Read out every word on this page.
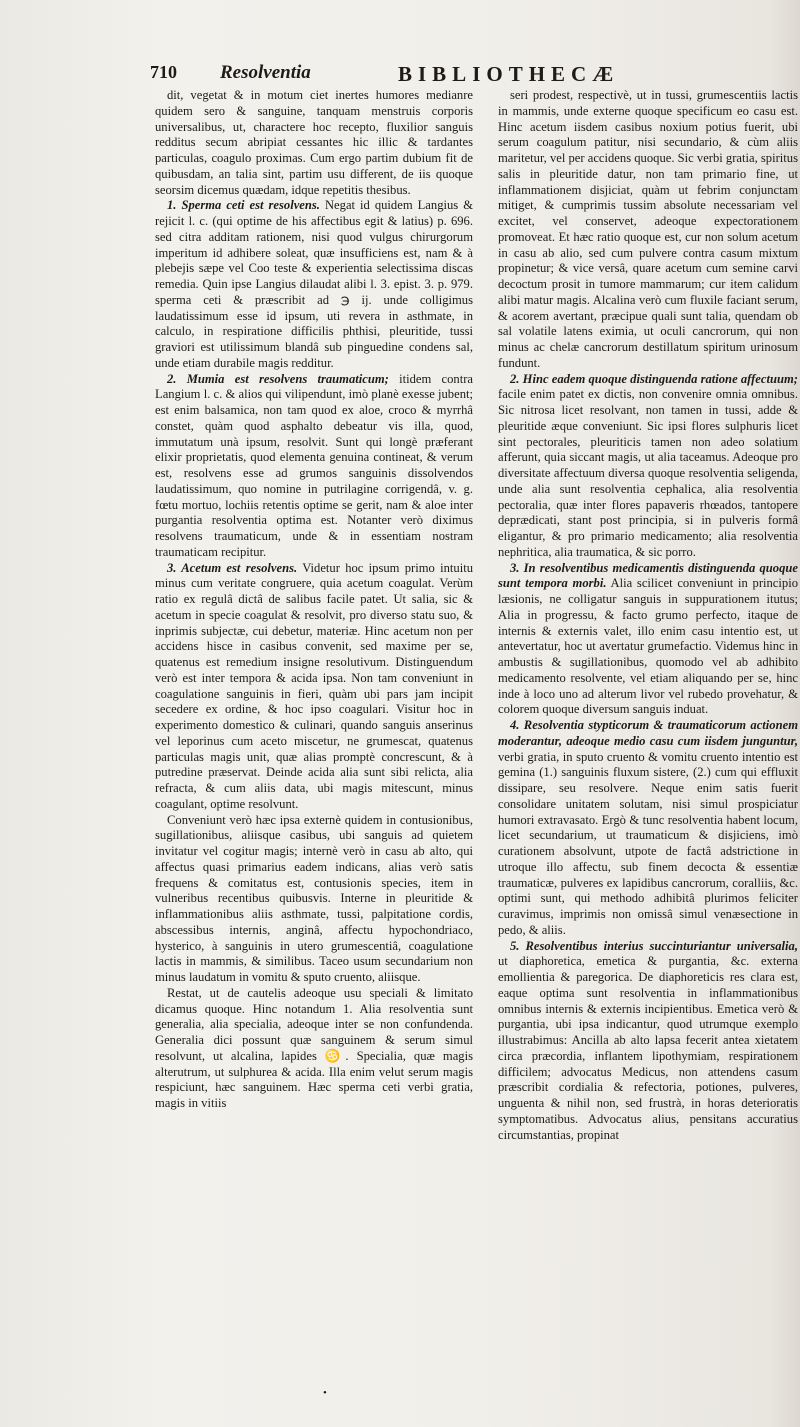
710 Resolventia	BIBLIOTHECÆ

dit, vegetat & in motum ciet inertes humores medianre quidem sero & sanguine, tanquam menstruis corporis universalibus, ut, charactere hoc recepto, fluxilior sanguis redditus secum abripiat cessantes hic illic & tardantes particulas, coagulo proximas. Cum ergo partim dubium fit de quibusdam, an talia sint, partim usu different, de iis quoque seorsim dicemus quædam, idque repetitis thesibus.

1. Sperma ceti est resolvens. Negat id quidem Langius & rejicit l. c. (qui optime de his affectibus egit & latius) p. 696. sed citra additam rationem, nisi quod vulgus chirurgorum imperitum id adhibere soleat, quæ insufficiens est, nam & à plebejis sæpe vel Coo teste & experientia selectissima discas remedia. Quin ipse Langius dilaudat alibi l. 3. epist. 3. p. 979. sperma ceti & præscribit ad ℈ ij. unde colligimus laudatissimum esse id ipsum, uti revera in asthmate, in calculo, in respiratione difficilis phthisi, pleuritide, tussi graviori est utilissimum blandâ sub pinguedine condens sal, unde etiam durabile magis redditur.

2. Mumia est resolvens traumaticum; itidem contra Langium l. c. & alios qui vilipendunt, imò planè exesse jubent; est enim balsamica, non tam quod ex aloe, croco & myrrhâ constet, quàm quod asphalto debeatur vis illa, quod, immutatum unà ipsum, resolvit. Sunt qui longè præferant elixir proprietatis, quod elementa genuina contineat, & verum est, resolvens esse ad grumos sanguinis dissolvendos laudatissimum, quo nomine in putrilagine corrigendâ, v. g. fœtu mortuo, lochiis retentis optime se gerit, nam & aloe inter purgantia resolventia optima est. Notanter verò diximus resolvens traumaticum, unde & in essentiam nostram traumaticam recipitur.

3. Acetum est resolvens. Videtur hoc ipsum primo intuitu minus cum veritate congruere, quia acetum coagulat. Verùm ratio ex regulâ dictâ de salibus facile patet. Ut salia, sic & acetum in specie coagulat & resolvit, pro diverso statu suo, & inprimis subjectæ, cui debetur, materiæ. Hinc acetum non per accidens hisce in casibus convenit, sed maxime per se, quatenus est remedium insigne resolutivum. Distinguendum verò est inter tempora & acida ipsa. Non tam conveniunt in coagulatione sanguinis in fieri, quàm ubi pars jam incipit secedere ex ordine, & hoc ipso coagulari. Visitur hoc in experimento domestico & culinari, quando sanguis anserinus vel leporinus cum aceto miscetur, ne grumescat, quatenus particulas magis unit, quæ alias promptè concrescunt, & à putredine præservat. Deinde acida alia sunt sibi relicta, alia refracta, & cum aliis data, ubi magis mitescunt, minus coagulant, optime resolvunt.

Conveniunt verò hæc ipsa externè quidem in contusionibus, sugillationibus, aliisque casibus, ubi sanguis ad quietem invitatur vel cogitur magis; internè verò in casu ab alto, qui affectus quasi primarius eadem indicans, alias verò satis frequens & comitatus est, contusionis species, item in vulneribus recentibus quibusvis. Interne in pleuritide & inflammationibus aliis asthmate, tussi, palpitatione cordis, abscessibus internis, anginâ, affectu hypochondriaco, hysterico, à sanguinis in utero grumescentiâ, coagulatione lactis in mammis, & similibus. Taceo usum secundarium non minus laudatum in vomitu & sputo cruento, aliisque.

Restat, ut de cautelis adeoque usu speciali & limitato dicamus quoque. Hinc notandum 1. Alia resolventia sunt generalia, alia specialia, adeoque inter se non confundenda. Generalia dici possunt quæ sanguinem & serum simul resolvunt, ut alcalina, lapides ♋. Specialia, quæ magis alterutrum, ut sulphurea & acida. Illa enim velut serum magis respiciunt, hæc sanguinem. Hæc sperma ceti verbi gratia, magis in vitiis

seri prodest, respectivè, ut in tussi, grumescentiis lactis in mammis, unde externe quoque specificum eo casu est. Hinc acetum iisdem casibus noxium potius fuerit, ubi serum coagulum patitur, nisi secundario, & cùm aliis maritetur, vel per accidens quoque. Sic verbi gratia, spiritus salis in pleuritide datur, non tam primario fine, ut inflammationem disjiciat, quàm ut febrim conjunctam mitiget, & cumprimis tussim absolute necessariam vel excitet, vel conservet, adeoque expectorationem promoveat. Et hæc ratio quoque est, cur non solum acetum in casu ab alio, sed cum pulvere contra casum mixtum propinetur; & vice versâ, quare acetum cum semine carvi decoctum prosit in tumore mammarum; cur item calidum alibi matur magis. Alcalina verò cum fluxile faciant serum, & acorem avertant, præcipue quali sunt talia, quendam ob sal volatile latens eximia, ut oculi cancrorum, qui non minus ac chelæ cancrorum destillatum spiritum urinosum fundunt.

2. Hinc eadem quoque distinguenda ratione affectuum; facile enim patet ex dictis, non convenire omnia omnibus. Sic nitrosa licet resolvant, non tamen in tussi, adde & pleuritide æque conveniunt. Sic ipsi flores sulphuris licet sint pectorales, pleuriticis tamen non adeo solatium afferunt, quia siccant magis, ut alia taceamus. Adeoque pro diversitate affectuum diversa quoque resolventia seligenda, unde alia sunt resolventia cephalica, alia resolventia pectoralia, quæ inter flores papaveris rhœados, tantopere deprædicati, stant post principia, si in pulveris formâ eligantur, & pro primario medicamento; alia resolventia nephritica, alia traumatica, & sic porro.

3. In resolventibus medicamentis distinguenda quoque sunt tempora morbi. Alia scilicet conveniunt in principio læsionis, ne colligatur sanguis in suppurationem itutus; Alia in progressu, & facto grumo perfecto, itaque de internis & externis valet, illo enim casu intentio est, ut antevertatur, hoc ut avertatur grumefactio. Videmus hinc in ambustis & sugillationibus, quomodo vel ab adhibito medicamento resolvente, vel etiam aliquando per se, hinc inde à loco uno ad alterum livor vel rubedo provehatur, & colorem quoque diversum sanguis induat.

4. Resolventia stypticorum & traumaticorum actionem moderantur, adeoque medio casu cum iisdem junguntur, verbi gratia, in sputo cruento & vomitu cruento intentio est gemina (1.) sanguinis fluxum sistere, (2.) cum qui effluxit dissipare, seu resolvere. Neque enim satis fuerit consolidare unitatem solutam, nisi simul prospiciatur humori extravasato. Ergò & tunc resolventia habent locum, licet secundarium, ut traumaticum & disjiciens, imò curationem absolvunt, utpote de factâ adstrictione in utroque illo affectu, sub finem decocta & essentiæ traumaticæ, pulveres ex lapidibus cancrorum, coralliis, &c. optimi sunt, qui methodo adhibitâ plurimos feliciter curavimus, imprimis non omissâ simul venæsectione in pedo, & aliis.

5. Resolventibus interius succinturiantur universalia, ut diaphoretica, emetica & purgantia, &c. externa emollientia & paregorica. De diaphoreticis res clara est, eaque optima sunt resolventia in inflammationibus omnibus internis & externis incipientibus. Emetica verò & purgantia, ubi ipsa indicantur, quod utrumque exemplo illustrabimus: Ancilla ab alto lapsa fecerit antea xietatem circa præcordia, inflantem lipothymiam, respirationem difficilem; advocatus Medicus, non attendens casum præscribit cordialia & refectoria, potiones, pulveres, unguenta & nihil non, sed frustrà, in horas deterioratis symptomatibus. Advocatus alius, pensitans accuratius circumstantias, propinat

•
